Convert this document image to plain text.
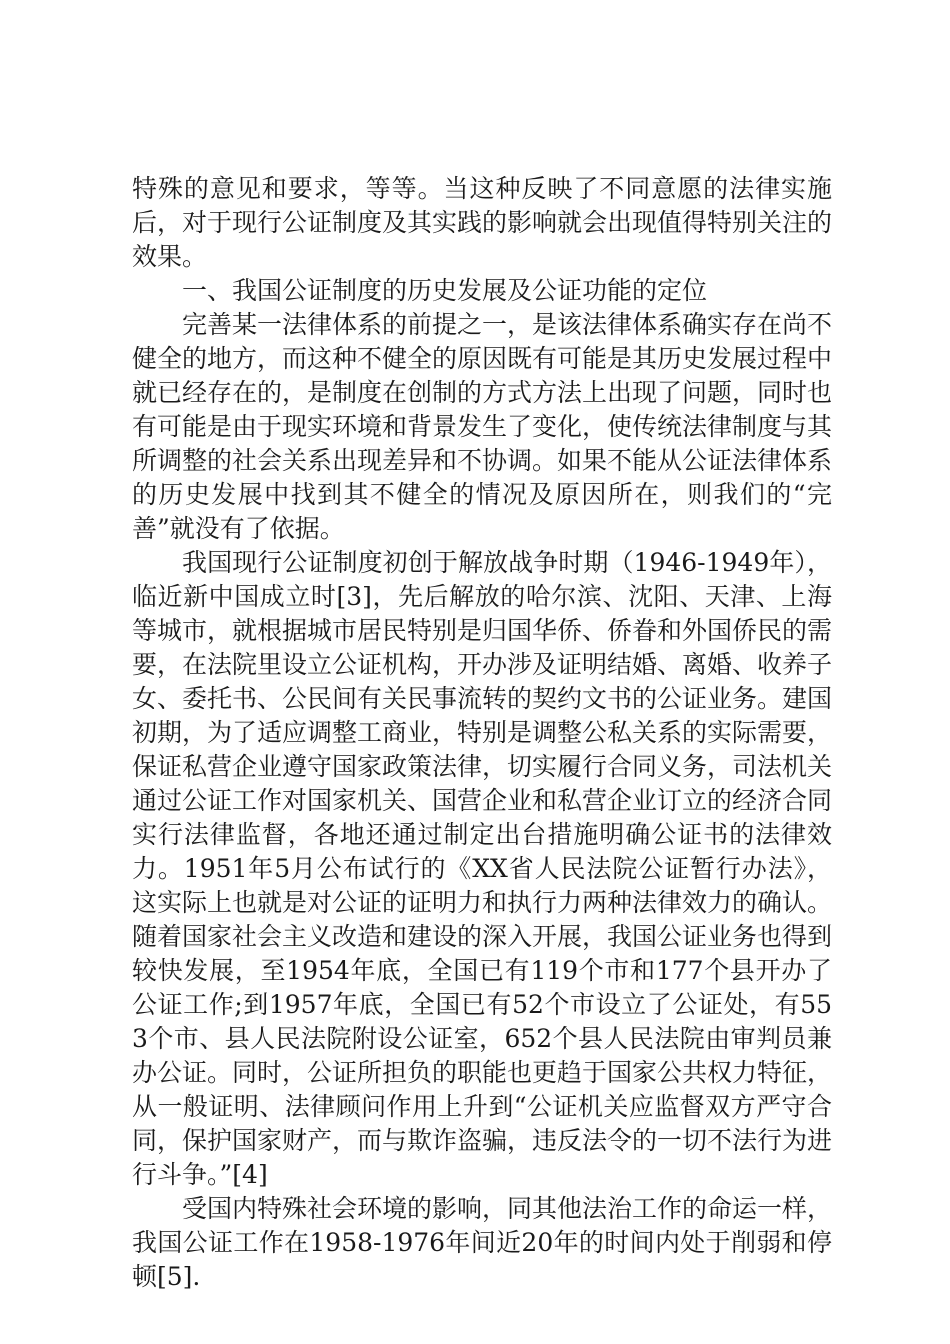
特殊的意见和要求，等等。当这种反映了不同意愿的法律实施后，对于现行公证制度及其实践的影响就会出现值得特别关注的效果。

一、我国公证制度的历史发展及公证功能的定位

完善某一法律体系的前提之一，是该法律体系确实存在尚不健全的地方，而这种不健全的原因既有可能是其历史发展过程中就已经存在的，是制度在创制的方式方法上出现了问题，同时也有可能是由于现实环境和背景发生了变化，使传统法律制度与其所调整的社会关系出现差异和不协调。如果不能从公证法律体系的历史发展中找到其不健全的情况及原因所在，则我们的“完善”就没有了依据。

我国现行公证制度初创于解放战争时期（1946-1949年），临近新中国成立时[3]，先后解放的哈尔滨、沈阳、天津、上海等城市，就根据城市居民特别是归国华侨、侨眷和外国侨民的需要，在法院里设立公证机构，开办涉及证明结婚、离婚、收养子女、委托书、公民间有关民事流转的契约文书的公证业务。建国初期，为了适应调整工商业，特别是调整公私关系的实际需要，保证私营企业遵守国家政策法律，切实履行合同义务，司法机关通过公证工作对国家机关、国营企业和私营企业订立的经济合同实行法律监督，各地还通过制定出台措施明确公证书的法律效力。1951年5月公布试行的《XX省人民法院公证暂行办法》，这实际上也就是对公证的证明力和执行力两种法律效力的确认。随着国家社会主义改造和建设的深入开展，我国公证业务也得到较快发展，至1954年底，全国已有119个市和177个县开办了公证工作;到1957年底，全国已有52个市设立了公证处，有553个市、县人民法院附设公证室，652个县人民法院由审判员兼办公证。同时，公证所担负的职能也更趋于国家公共权力特征，从一般证明、法律顾问作用上升到“公证机关应监督双方严守合同，保护国家财产，而与欺诈盗骗，违反法令的一切不法行为进行斗争。”[4]

受国内特殊社会环境的影响，同其他法治工作的命运一样，我国公证工作在1958-1976年间近20年的时间内处于削弱和停顿[5].
